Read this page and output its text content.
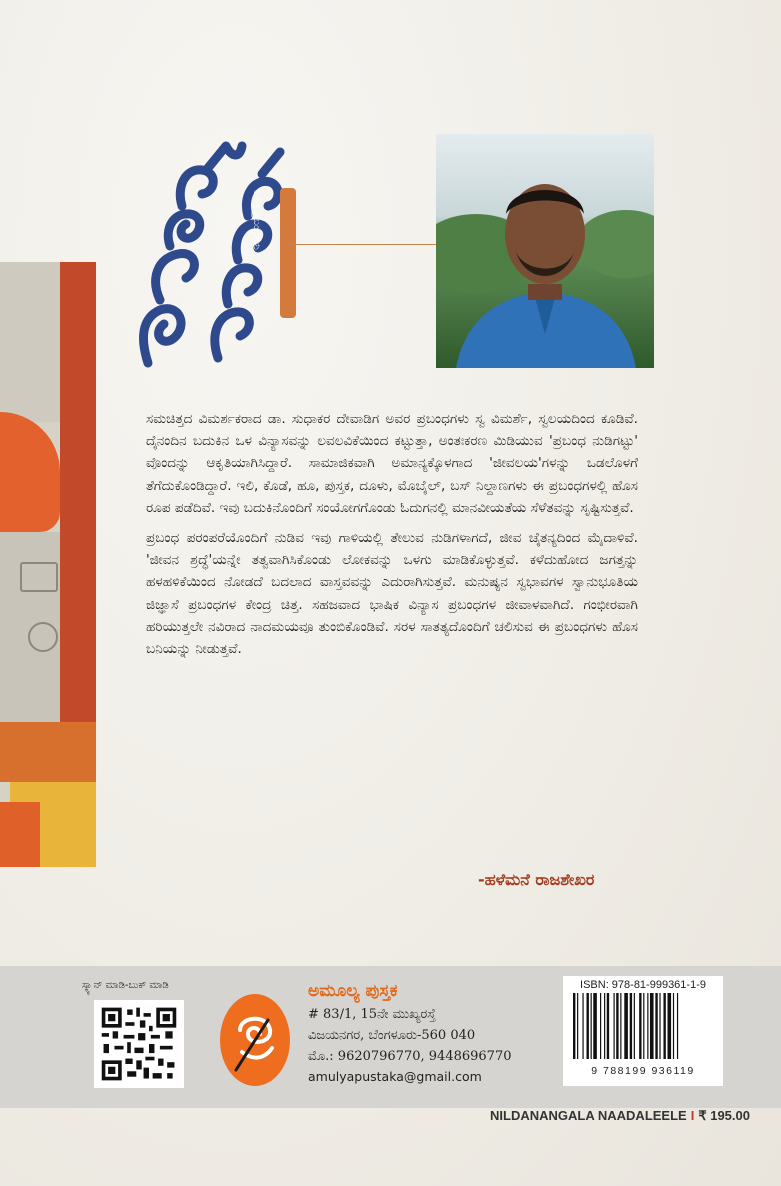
ಲಲಿತ ಪ್ರಬಂಧಗಳು

ಸಮಚಿತ್ತದ ವಿಮರ್ಶಕರಾದ ಡಾ. ಸುಧಾಕರ ದೇವಾಡಿಗ ಅವರ ಪ್ರಬಂಧಗಳು ಸ್ವ ವಿಮರ್ಶೆ, ಸ್ವಲಯದಿಂದ ಕೂಡಿವೆ. ದೈನಂದಿನ ಬದುಕಿನ ಒಳ ವಿನ್ಯಾಸವನ್ನು ಲವಲವಿಕೆಯಿಂದ ಕಟ್ಟುತ್ತಾ, ಅಂತಃಕರಣ ಮಿಡಿಯುವ 'ಪ್ರಬಂಧ ನುಡಿಗಟ್ಟು' ವೊಂದನ್ನು ಆಕೃತಿಯಾಗಿಸಿದ್ದಾರೆ. ಸಾಮಾಜಿಕವಾಗಿ ಅಮಾನ್ಯಕ್ಕೊಳಗಾದ 'ಜೀವಲಯ'ಗಳನ್ನು ಒಡಲೊಳಗೆ ತೆಗೆದುಕೊಂಡಿದ್ದಾರೆ. ಇಲಿ, ಕೊಡೆ, ಹೂ, ಪುಸ್ತಕ, ದೂಳು, ಮೊಬೈಲ್, ಬಸ್ ನಿಲ್ದಾಣಗಳು ಈ ಪ್ರಬಂಧಗಳಲ್ಲಿ ಹೊಸ ರೂಪ ಪಡೆದಿವೆ. ಇವು ಬದುಕಿನೊಂದಿಗೆ ಸಂಯೋಗಗೊಂಡು ಓದುಗನಲ್ಲಿ ಮಾನವೀಯತೆಯ ಸೆಳೆತವನ್ನು ಸೃಷ್ಟಿಸುತ್ತವೆ.

ಪ್ರಬಂಧ ಪರಂಪರೆಯೊಂದಿಗೆ ನುಡಿವ ಇವು ಗಾಳಿಯಲ್ಲಿ ತೇಲುವ ನುಡಿಗಳಾಗದೆ, ಜೀವ ಚೈತನ್ಯದಿಂದ ಮೈದಾಳಿವೆ. 'ಜೀವನ ಶ್ರದ್ಧೆ'ಯನ್ನೇ ತತ್ವವಾಗಿಸಿಕೊಂಡು ಲೋಕವನ್ನು ಒಳಗು ಮಾಡಿಕೊಳ್ಳುತ್ತವೆ. ಕಳೆದುಹೋದ ಜಗತ್ತನ್ನು ಹಳಹಳಿಕೆಯಿಂದ ನೋಡದೆ ಬದಲಾದ ವಾಸ್ತವವನ್ನು ಎದುರಾಗಿಸುತ್ತವೆ. ಮನುಷ್ಯನ ಸ್ವಭಾವಗಳ ಸ್ವಾನುಭೂತಿಯ ಜಿಜ್ಞಾಸೆ ಪ್ರಬಂಧಗಳ ಕೇಂದ್ರ ಚಿತ್ತ. ಸಹಜವಾದ ಭಾಷಿಕ ವಿನ್ಯಾಸ ಪ್ರಬಂಧಗಳ ಜೀವಾಳವಾಗಿದೆ. ಗಂಭೀರವಾಗಿ ಹರಿಯುತ್ತಲೇ ನವಿರಾದ ನಾದಮಯವೂ ತುಂಬಿಕೊಂಡಿವೆ. ಸರಳ ಸಾತತ್ಯದೊಂದಿಗೆ ಚಲಿಸುವ ಈ ಪ್ರಬಂಧಗಳು ಹೊಸ ಬನಿಯನ್ನು ನೀಡುತ್ತವೆ.

-ಹಳೆಮನೆ ರಾಜಶೇಖರ
ಸ್ಕ್ಯಾನ್ ಮಾಡಿ-ಬುಕ್ ಮಾಡಿ	ಅಮೂಲ್ಯ ಪುಸ್ತಕ
# 83/1, 15ನೇ ಮುಖ್ಯರಸ್ತೆ
ವಿಜಯನಗರ, ಬೆಂಗಳೂರು-560 040
ಮೊ.: 9620796770, 9448696770
amulyapustaka@gmail.com
ISBN: 978-81-999361-1-9
9 788199 936119
NILDANANGALA NAADALEELE I ₹ 195.00
